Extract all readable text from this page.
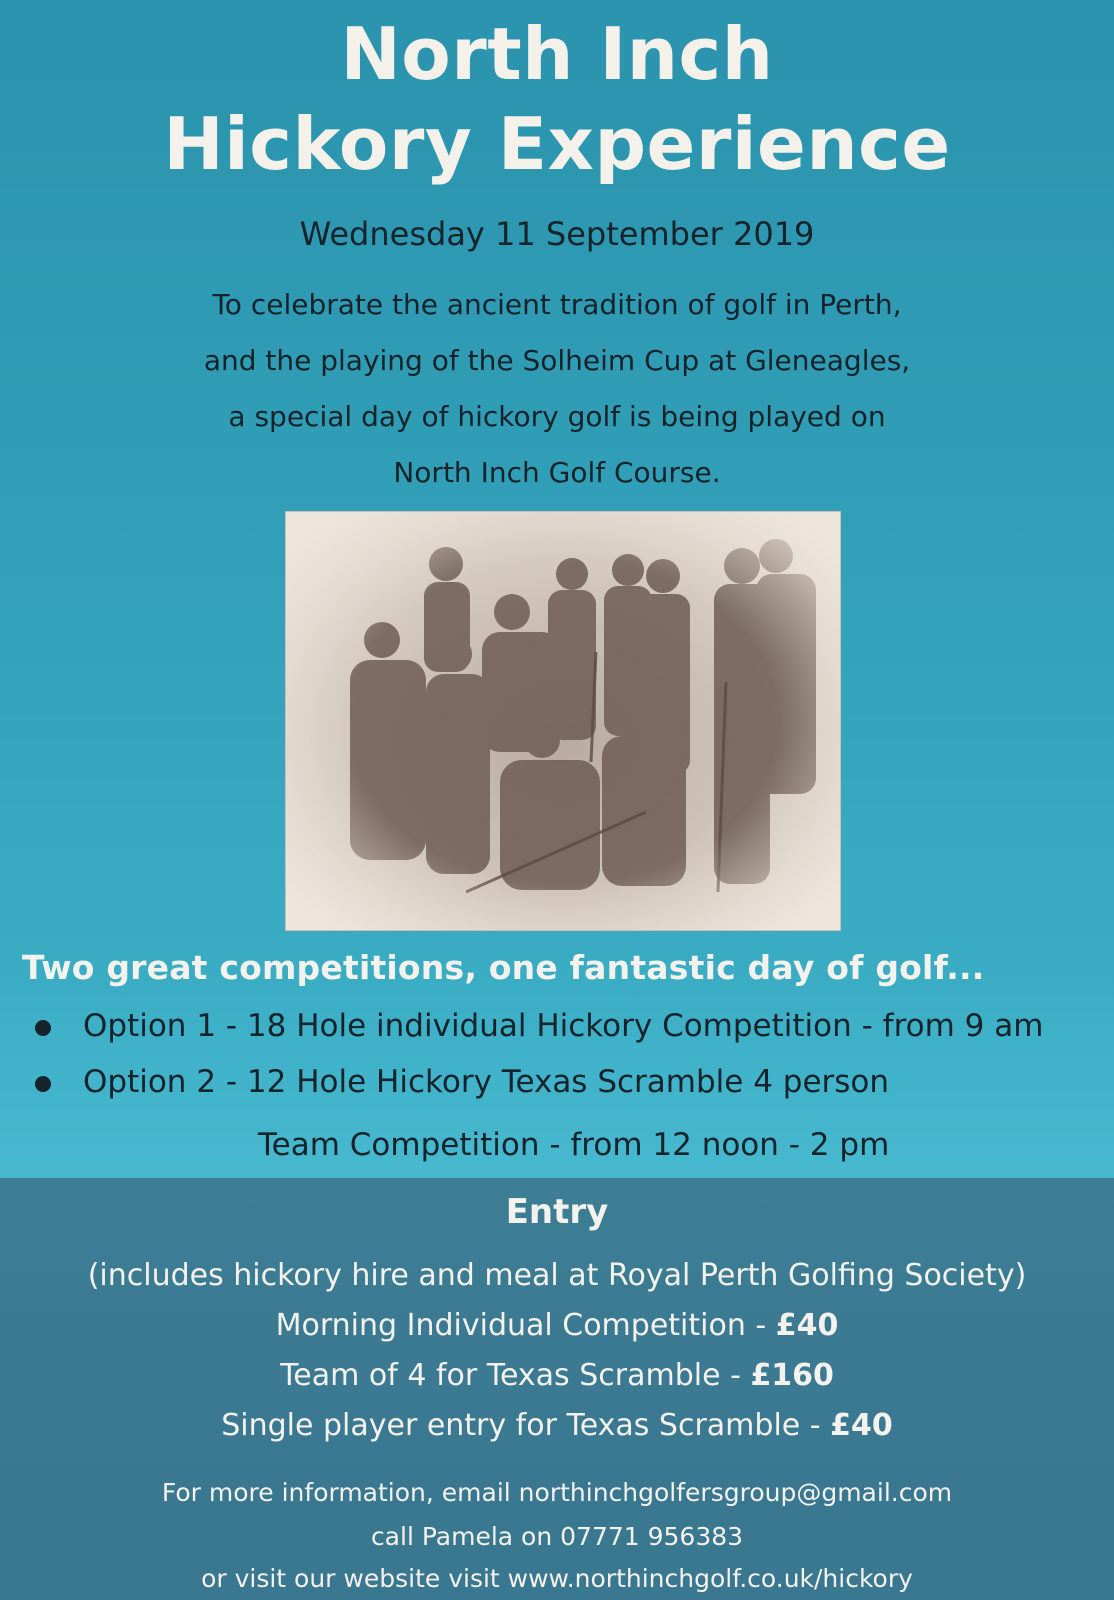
North Inch
Hickory Experience
Wednesday 11 September 2019
To celebrate the ancient tradition of golf in Perth,
and the playing of the Solheim Cup at Gleneagles,
a special day of hickory golf is being played on
North Inch Golf Course.
Two great competitions, one fantastic day of golf...
Option 1 - 18 Hole individual Hickory Competition - from 9 am
Option 2 - 12 Hole Hickory Texas Scramble 4 person
Team Competition - from 12 noon - 2 pm
Entry
(includes hickory hire and meal at Royal Perth Golfing Society)
Morning Individual Competition - £40
Team of 4 for Texas Scramble - £160
Single player entry for Texas Scramble - £40
For more information, email northinchgolfersgroup@gmail.com
call Pamela on 07771 956383
or visit our website visit www.northinchgolf.co.uk/hickory
